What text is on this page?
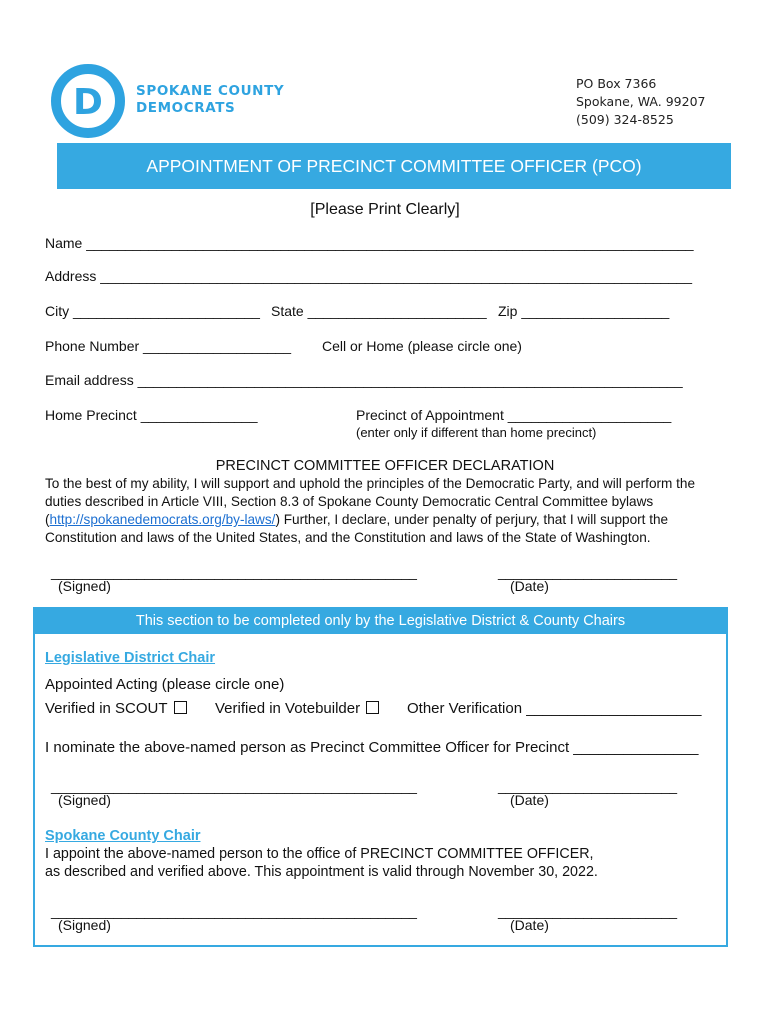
D SPOKANE COUNTY
DEMOCRATS
PO Box 7366
Spokane, WA. 99207
(509) 324-8525
APPOINTMENT OF PRECINCT COMMITTEE OFFICER (PCO)
[Please Print Clearly]
Name ______________________________________________________________________________
Address ____________________________________________________________________________
City ________________________ State _______________________ Zip ___________________
Phone Number ___________________ Cell or Home (please circle one)
Email address ______________________________________________________________________
Home Precinct _______________	Precinct of Appointment _____________________
(enter only if different than home precinct)
PRECINCT COMMITTEE OFFICER DECLARATION
To the best of my ability, I will support and uphold the principles of the Democratic Party, and will perform the duties described in Article VIII, Section 8.3 of Spokane County Democratic Central Committee bylaws (http://spokanedemocrats.org/by-laws/) Further, I declare, under penalty of perjury, that I will support the Constitution and laws of the United States, and the Constitution and laws of the State of Washington.
_______________________________________________	_______________________
(Signed)	(Date)
This section to be completed only by the Legislative District & County Chairs
Legislative District Chair
Appointed Acting (please circle one)
Verified in SCOUT	Verified in Votebuilder	Other Verification _____________________
I nominate the above-named person as Precinct Committee Officer for Precinct _______________
_______________________________________________	_______________________
(Signed)	(Date)
Spokane County Chair
I appoint the above-named person to the office of PRECINCT COMMITTEE OFFICER,
as described and verified above. This appointment is valid through November 30, 2022.
_______________________________________________	_______________________
(Signed)	(Date)
